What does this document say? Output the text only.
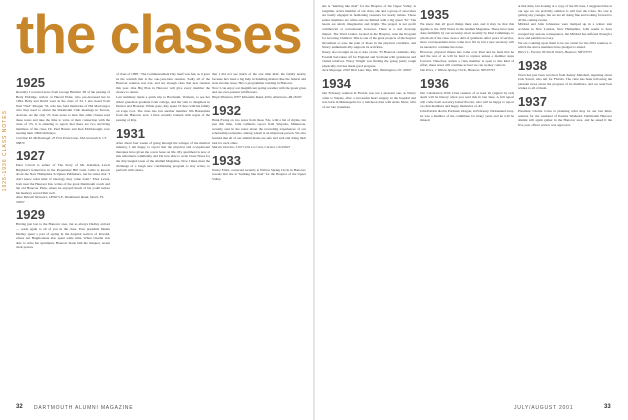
1925-1936 CLASS NOTES
the classes
1925

Recently I received news from George Hubbart '28 of the passing of Betty Eldridge, widow of Harold Elder, who pre-deceased her in 1994. Betty and David were in the class of '32. I also heard from Neil "Ned" Morgan '53, who has fond memories of Hal MacGregor who they used to attend the Dartmouth Club meetings in Tucson, Arizona. As the only '25 class notes to hear that other classes read these notes and take the time to write of their connection with the class of '25, it is amazing to report that there are two surviving members of the class, Dr. Paul Baxter and Ken McDonough, now nearing their 100th birthdays.

Caroline M. McDonough, 25 Fort Point Lane, Old Greenwich, CT 06870

1927

Peter Carroll is author of The Story of Mt. Kinsman Lewis Brighton's hometown in the Pequawket Hill Gem. Little is known about the New Hampshire Scripture Publishers, but he states that "I don't know what kind of ideology they came from." Eliot Lewis, born near the Hanover Inn, writes of the great Dartmouth coach and the old Hanover Plain, where he enjoyed much of his youth before his memory served him well.

Alice Bennett Wesmore, 18560 S.E. Woodhaven Road, Stuart, FL 34997

1929

Having just lost to the Hanover area, but as always Dudley arrived — reads again to all of you in the class. Your president Dustin Dudley spent a part of spring in the hospital section of Rowald, where Art Hugmonnate also spent some time. When Charlie was able to write his apartment, Hanover made him his banquet, recent chair person.

of class of 1998. "The Commencement Day itself was fun, as it gave us the warmth that is the one-year-later reunion. Sadly all of the Hanover reunion was lost, and not enough class that new reunion this year. One Big Plan in Hanover will give every member the chance to return.

Last summary made a quick trip to Boxbaum, Vermont, to see her eldest grandson graduate from college, and the visit to daughters in Denver and Houston. While gone, Ray spent 10 days with his family on Cape Cod. The class has lost another member Jim Hasserman from the Hanover area. I have recently learned with regret of the passing of Ray.

1931

After about four weeks of going through the wringer of the medical industry, I am happy to report that the physical and occupational therapies have given me a new lease on life. My apartment is now at this retirement community and I'm now able to write Class Notes for the July/August issue of the Alumni Magazine. Now I must meet the challenge of a tough new conditioning program to stay active, to perform with others.

that I did not see much of the one time kids: his family nearby because he's been a big help in handling matters like the federal and state income taxes. He's a programmer residing in Hanover.

Now I can enjoy our magnificent spring weather with the green grass and our ever-present wildflowers.

Hugh Wheaton, 8707 Mountain Road, #202, Allentown, PA 18103

1932

Hank Ewing on two notes from those '32s, with a list of rhyme, but just this time. John Gilman's report from Wayzata, Minnesota, recently sent in the notes about the rewarding experiences of our scholarship recipients, among whom is an important person. We also learned that all of our alumni mates are safe and well and doing their best for each other.

Marvin Overton, 5197 Cells Ln Crest, Carmel, CA 93923

1933

Nancy Elliot, contacted recently at Willow Spring Circle in Hanover, reveals that she is "knitting like mad" for the Hospice of the Upper Valley.

she is "knitting like mad" for the Hospice of the Upper Valley. A longtime, active member of our class, she and a group of associates are busily engaged in fashioning sweaters for needy babies. Those senior members are white and are limited with a big green "D." The hearts are small, imaginative and bright. The project is not profit commercial or recreational, however. There is a real doorstep impact. The Ward Center, located in the Hospice, runs the Program for Growing Children. This is one of the great projects of the hospice movement to ease the pain of those in the physical condition, and Nancy enthusiastically supports its activities.

Nancy also brought us up to date on the '33 Hanover residents. Ray Forstall had taken off for England and Scotland with grandsons and visited relatives. Warry Wright was finding the going pretty tough physically, but has made good progress.

Jack Mayorga, 2393 West Lane Way, Will, Washington, DC 20007

1934

Our February reunion in Florida was not a pleasant one, as Nancy came to Naples, after a successful heart surgery in the hospital and was back in Minneapolis for a luncheon date with Arnie Shaw, wife of our late classmate.

1935

We know that all good things must end, and it may be that this applies to the 1935 Notes in the Alumni Magazine. These have been done faithfully by our secretary, most recently by Paul Cummings, to whom all of the class owes a debt of gratitude. After years of service, more correspondents have come in to fill in, but a new secretary will be needed to continue the notes.

However, physical illness has come over Paul and he feels that he and the rest of us will be hard to replace unless a member steps forward. Therefore, unless a class member is open to this kind of effort, these notes will continue as best we can as they come in.

Van Price, 1 Willow Spring Circle, Hanover, NH 03755

1936

Our Celebration With Class reunion of at least all (signed by red) April will be history when you read this in late June. A full report will come from secretary Isabel Procter, who will be happy to report on class members and happy memories of old.

John Patrick died in Portland, Oregon, in February. Nicknamed Gray, he was a member of the committee for many years and he will be missed.

at that time, but looking at a copy of the 99 class, I suggested that at our age we are probably entitled to still feel the Class. No one is getting any younger, but we are all doing fine and looking forward to all the coming events.

Mildred and John Johnstone were bumped up in a winter sale accident in New London, New Hampshire. John seems to have escaped any serious consequence, but Mildred has suffered through a slow and painful recovery.

We are counting upon them to be our center for the 2001 reunion, to which the above members have pledged to attend.

Harry L. Everett, 89 North Street, Hanover, NH 03755

1938

Word has just been received from Kenny Marshall, inquiring about Jack Savell, who left for Florida. The class has been following the pleasant news about the progress of its members, and we send best wishes to all of them.

1937

President Charlie Coles is planning what may be our last mini-reunion for the weekend of Parents Weekend. Dartmouth Hanover alumni will again gather in the Hanover area, and he asked if the five-year officer review was approved.

32 DARTMOUTH ALUMNI MAGAZINE	JULY/AUGUST 2001	33
